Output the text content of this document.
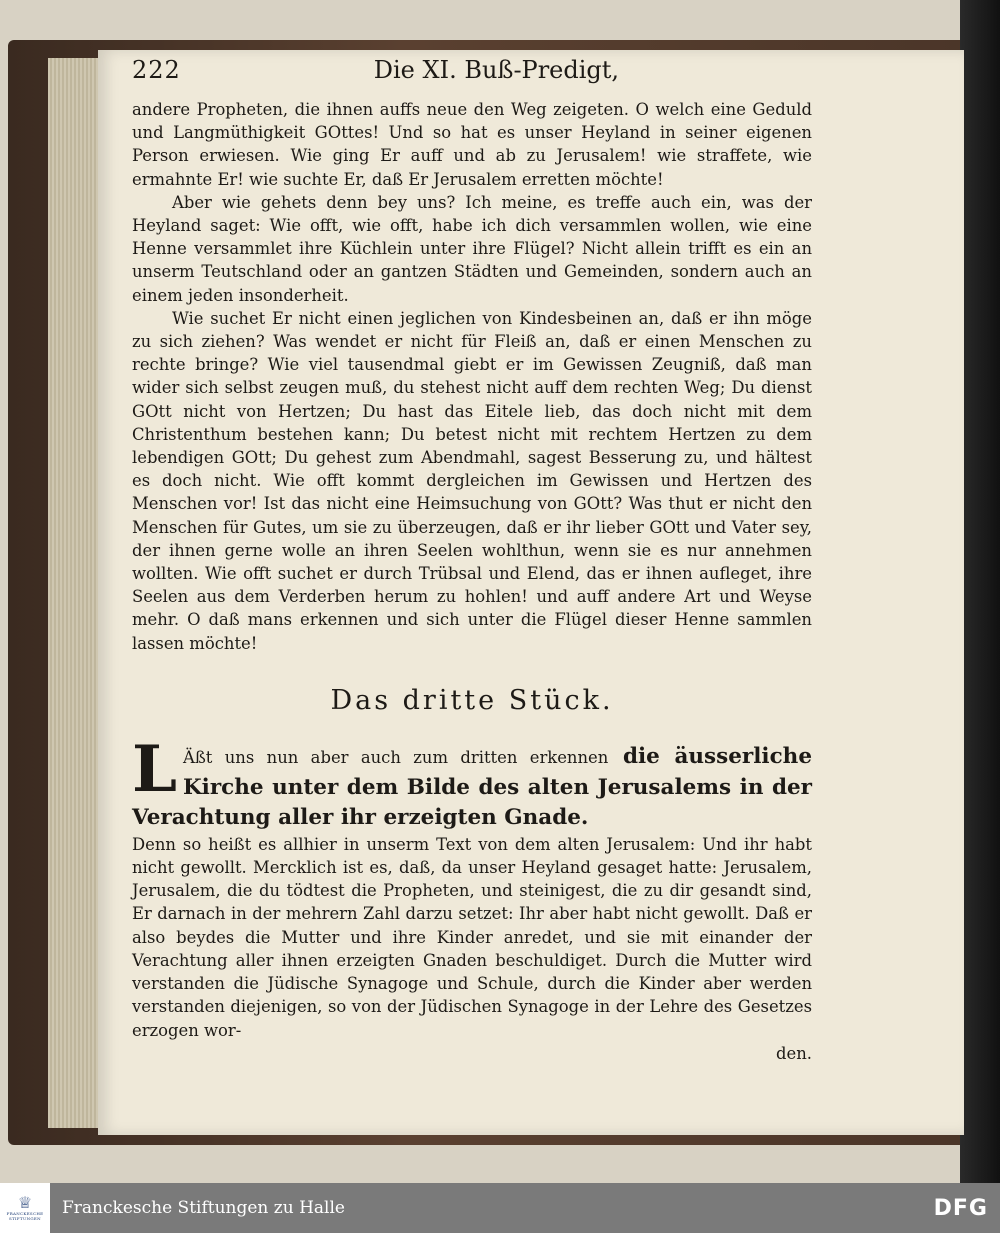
222	Die XI. Buß-Predigt,

andere Propheten, die ihnen auffs neue den Weg zeigeten. O welch eine Geduld und Langmüthigkeit GOttes! Und so hat es unser Heyland in seiner eigenen Person erwiesen. Wie ging Er auff und ab zu Jerusalem! wie straffete, wie ermahnte Er! wie suchte Er, daß Er Jerusalem erretten möchte!

Aber wie gehets denn bey uns? Ich meine, es treffe auch ein, was der Heyland saget: Wie offt, wie offt, habe ich dich versammlen wollen, wie eine Henne versammlet ihre Küchlein unter ihre Flügel? Nicht allein trifft es ein an unserm Teutschland oder an gantzen Städten und Gemeinden, sondern auch an einem jeden insonderheit.

Wie suchet Er nicht einen jeglichen von Kindesbeinen an, daß er ihn möge zu sich ziehen? Was wendet er nicht für Fleiß an, daß er einen Menschen zu rechte bringe? Wie viel tausendmal giebt er im Gewissen Zeugniß, daß man wider sich selbst zeugen muß, du stehest nicht auff dem rechten Weg; Du dienst GOtt nicht von Hertzen; Du hast das Eitele lieb, das doch nicht mit dem Christenthum bestehen kann; Du betest nicht mit rechtem Hertzen zu dem lebendigen GOtt; Du gehest zum Abendmahl, sagest Besserung zu, und hältest es doch nicht. Wie offt kommt dergleichen im Gewissen und Hertzen des Menschen vor! Ist das nicht eine Heimsuchung von GOtt? Was thut er nicht den Menschen für Gutes, um sie zu überzeugen, daß er ihr lieber GOtt und Vater sey, der ihnen gerne wolle an ihren Seelen wohlthun, wenn sie es nur annehmen wollten. Wie offt suchet er durch Trübsal und Elend, das er ihnen aufleget, ihre Seelen aus dem Verderben herum zu hohlen! und auff andere Art und Weyse mehr. O daß mans erkennen und sich unter die Flügel dieser Henne sammlen lassen möchte!

Das dritte Stück.

L Äßt uns nun aber auch zum dritten erkennen die äusserliche Kirche unter dem Bilde des alten Jerusalems in der Verachtung aller ihr erzeigten Gnade.

Denn so heißt es allhier in unserm Text von dem alten Jerusalem: Und ihr habt nicht gewollt. Mercklich ist es, daß, da unser Heyland gesaget hatte: Jerusalem, Jerusalem, die du tödtest die Propheten, und steinigest, die zu dir gesandt sind, Er darnach in der mehrern Zahl darzu setzet: Ihr aber habt nicht gewollt. Daß er also beydes die Mutter und ihre Kinder anredet, und sie mit einander der Verachtung aller ihnen erzeigten Gnaden beschuldiget. Durch die Mutter wird verstanden die Jüdische Synagoge und Schule, durch die Kinder aber werden verstanden diejenigen, so von der Jüdischen Synagoge in der Lehre des Gesetzes erzogen wor-

den.
♕
FRANCKESCHE STIFTUNGEN
Franckesche Stiftungen zu Halle	DFG
